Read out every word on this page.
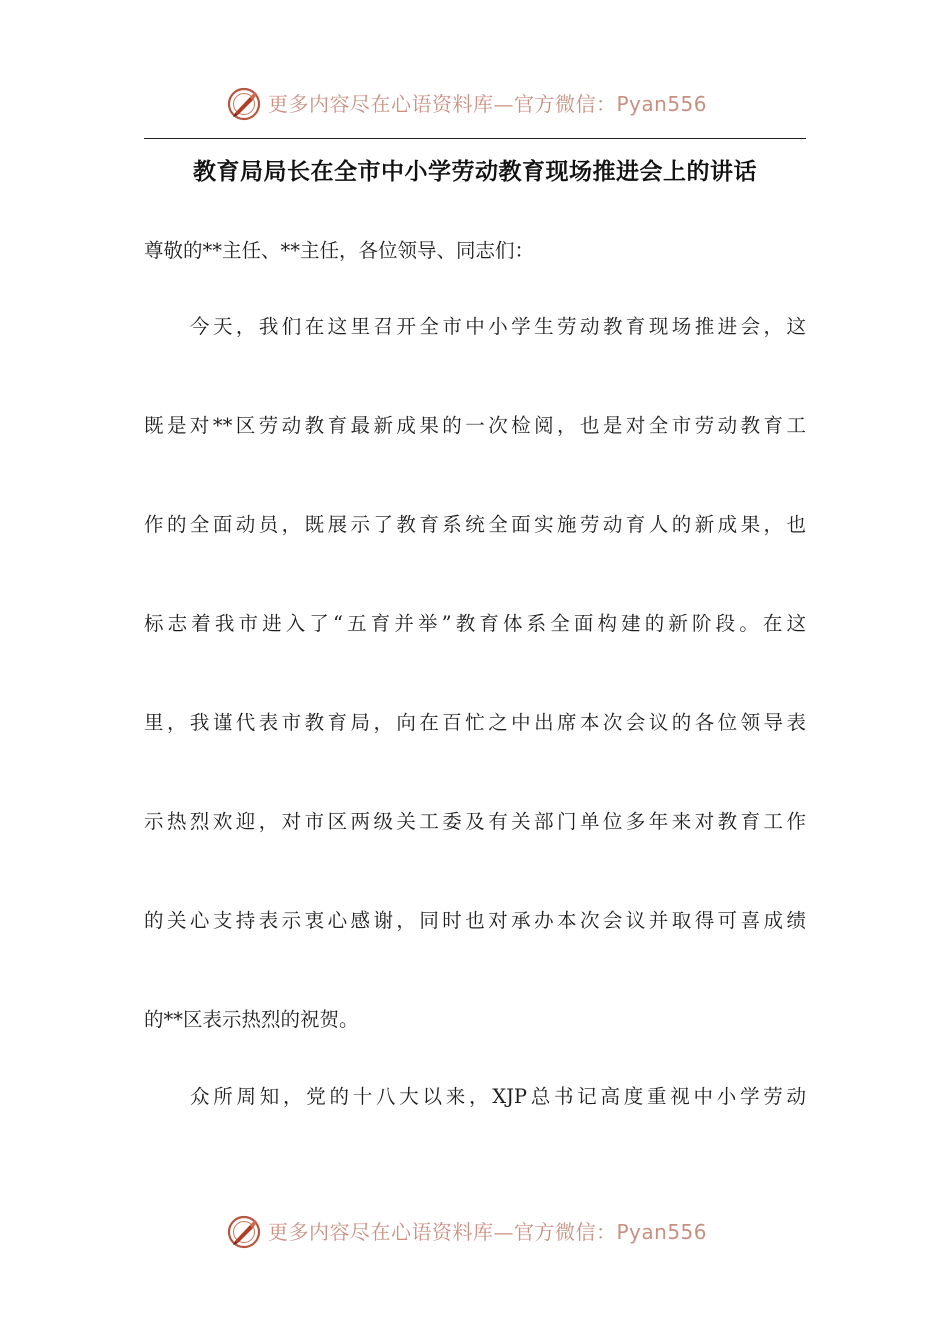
更多内容尽在心语资料库—官方微信：Pyan556
教育局局长在全市中小学劳动教育现场推进会上的讲话
尊敬的**主任、**主任，各位领导、同志们：
今天，我们在这里召开全市中小学生劳动教育现场推进会，这
既是对**区劳动教育最新成果的一次检阅，也是对全市劳动教育工
作的全面动员，既展示了教育系统全面实施劳动育人的新成果，也
标志着我市进入了“五育并举”教育体系全面构建的新阶段。在这
里，我谨代表市教育局，向在百忙之中出席本次会议的各位领导表
示热烈欢迎，对市区两级关工委及有关部门单位多年来对教育工作
的关心支持表示衷心感谢，同时也对承办本次会议并取得可喜成绩
的**区表示热烈的祝贺。
众所周知，党的十八大以来，XJP总书记高度重视中小学劳动
更多内容尽在心语资料库—官方微信：Pyan556
